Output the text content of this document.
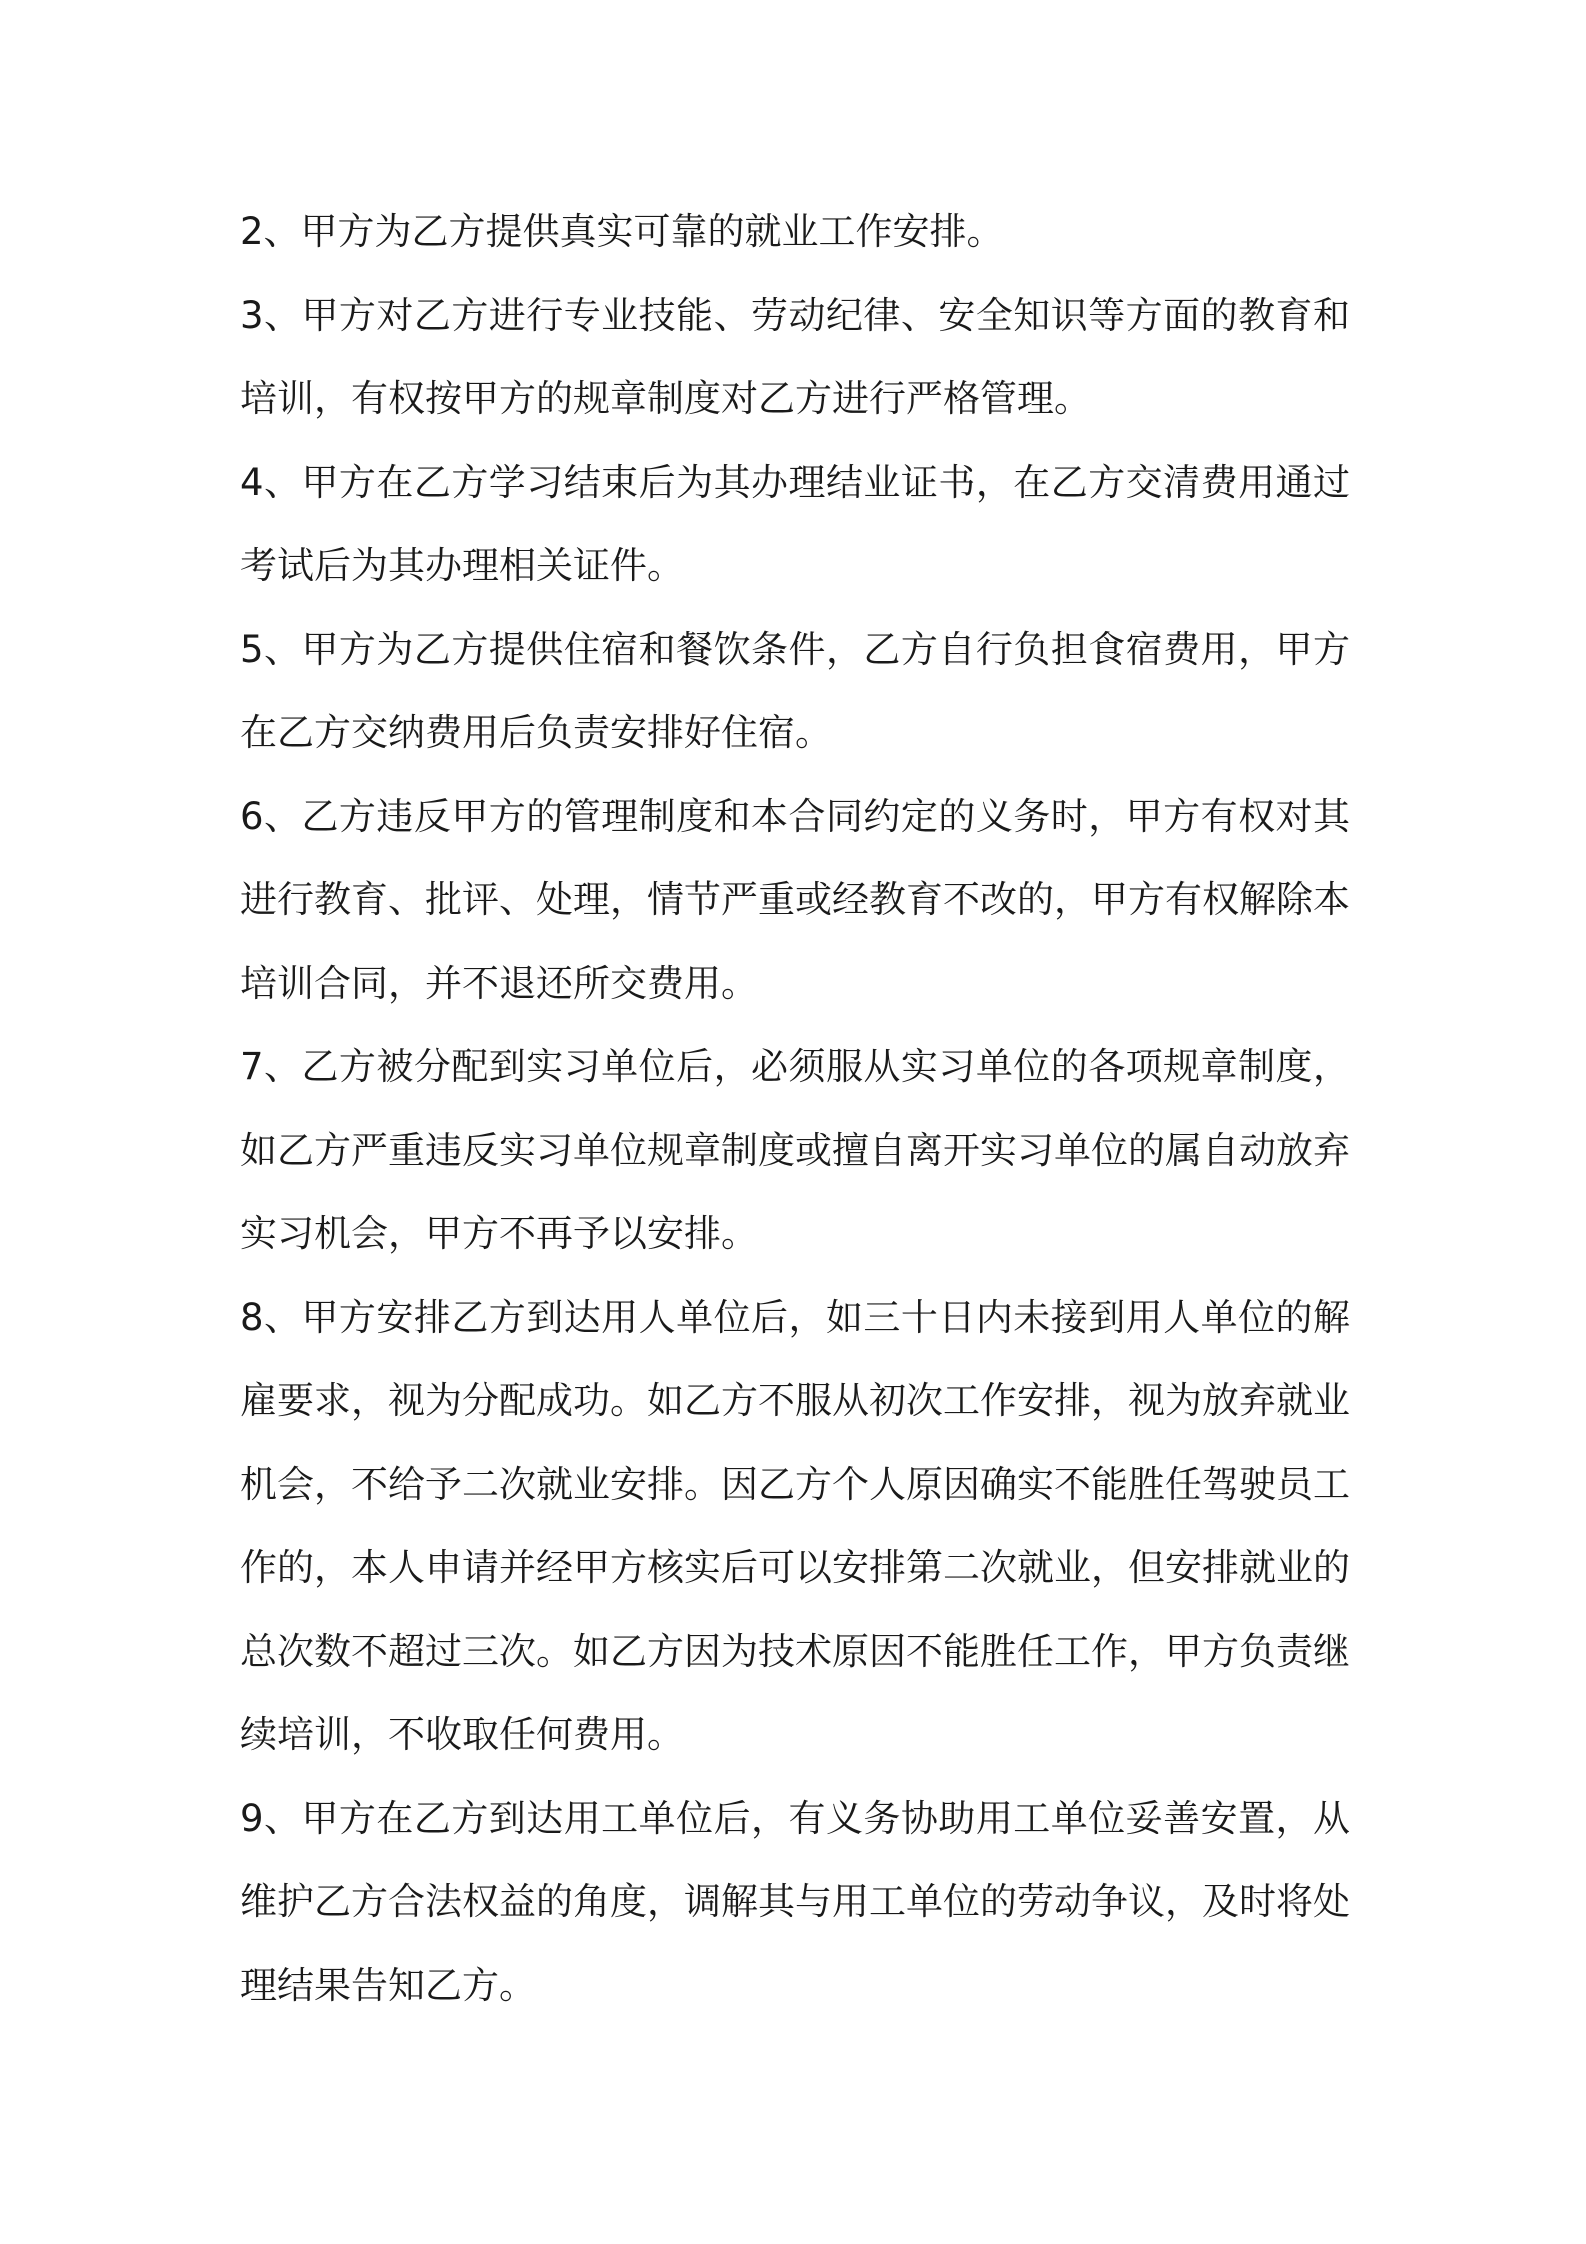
2、甲方为乙方提供真实可靠的就业工作安排。

3、甲方对乙方进行专业技能、劳动纪律、安全知识等方面的教育和培训，有权按甲方的规章制度对乙方进行严格管理。

4、甲方在乙方学习结束后为其办理结业证书，在乙方交清费用通过考试后为其办理相关证件。

5、甲方为乙方提供住宿和餐饮条件，乙方自行负担食宿费用，甲方在乙方交纳费用后负责安排好住宿。

6、乙方违反甲方的管理制度和本合同约定的义务时，甲方有权对其进行教育、批评、处理，情节严重或经教育不改的，甲方有权解除本培训合同，并不退还所交费用。

7、乙方被分配到实习单位后，必须服从实习单位的各项规章制度，如乙方严重违反实习单位规章制度或擅自离开实习单位的属自动放弃实习机会，甲方不再予以安排。

8、甲方安排乙方到达用人单位后，如三十日内未接到用人单位的解雇要求，视为分配成功。如乙方不服从初次工作安排，视为放弃就业机会，不给予二次就业安排。因乙方个人原因确实不能胜任驾驶员工作的，本人申请并经甲方核实后可以安排第二次就业，但安排就业的总次数不超过三次。如乙方因为技术原因不能胜任工作，甲方负责继续培训，不收取任何费用。

9、甲方在乙方到达用工单位后，有义务协助用工单位妥善安置，从维护乙方合法权益的角度，调解其与用工单位的劳动争议，及时将处理结果告知乙方。
